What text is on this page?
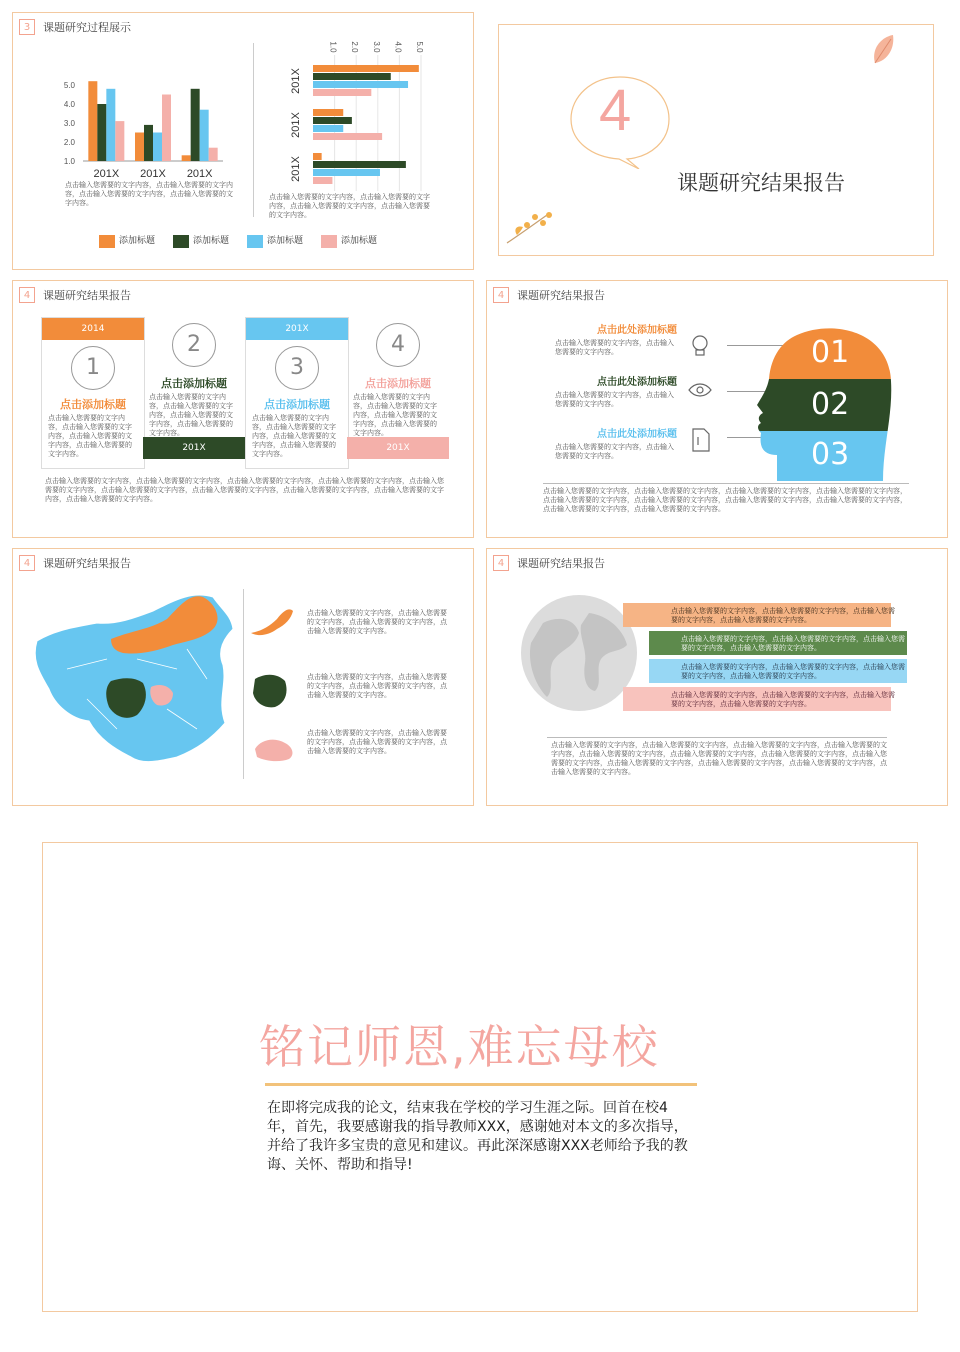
3	课题研究过程展示
1.0
2.0
3.0
4.0
5.0
201X 201X 201X
点击输入您需要的文字内容，点击输入您需要的文字内容，点击输入您需要的文字内容，点击输入您需要的文字内容。
1.0 2.0 3.0 4.0 5.0
201X
201X
201X
点击输入您需要的文字内容，点击输入您需要的文字内容，点击输入您需要的文字内容，点击输入您需要的文字内容。
添加标题	添加标题	添加标题	添加标题
4
课题研究结果报告
4	课题研究结果报告
2014
1
点击添加标题
点击输入您需要的文字内容，点击输入您需要的文字内容，点击输入您需要的文字内容，点击输入您需要的文字内容。
2
点击添加标题
点击输入您需要的文字内容，点击输入您需要的文字内容，点击输入您需要的文字内容，点击输入您需要的文字内容。
201X
201X
3
点击添加标题
点击输入您需要的文字内容，点击输入您需要的文字内容，点击输入您需要的文字内容，点击输入您需要的文字内容。
4
点击添加标题
点击输入您需要的文字内容，点击输入您需要的文字内容，点击输入您需要的文字内容，点击输入您需要的文字内容。
201X
点击输入您需要的文字内容，点击输入您需要的文字内容，点击输入您需要的文字内容，点击输入您需要的文字内容，点击输入您需要的文字内容，点击输入您需要的文字内容，点击输入您需要的文字内容，点击输入您需要的文字内容，点击输入您需要的文字内容，点击输入您需要的文字内容。
4	课题研究结果报告
点击此处添加标题
点击输入您需要的文字内容，点击输入您需要的文字内容。
点击此处添加标题
点击输入您需要的文字内容，点击输入您需要的文字内容。
点击此处添加标题
点击输入您需要的文字内容，点击输入您需要的文字内容。
01
02
03
点击输入您需要的文字内容，点击输入您需要的文字内容，点击输入您需要的文字内容，点击输入您需要的文字内容，点击输入您需要的文字内容，点击输入您需要的文字内容，点击输入您需要的文字内容，点击输入您需要的文字内容，点击输入您需要的文字内容，点击输入您需要的文字内容。
4	课题研究结果报告
点击输入您需要的文字内容，点击输入您需要的文字内容，点击输入您需要的文字内容，点击输入您需要的文字内容。
点击输入您需要的文字内容，点击输入您需要的文字内容，点击输入您需要的文字内容，点击输入您需要的文字内容。
点击输入您需要的文字内容，点击输入您需要的文字内容，点击输入您需要的文字内容，点击输入您需要的文字内容。
4	课题研究结果报告
点击输入您需要的文字内容，点击输入您需要的文字内容，点击输入您需要的文字内容，点击输入您需要的文字内容。
点击输入您需要的文字内容，点击输入您需要的文字内容，点击输入您需要的文字内容，点击输入您需要的文字内容。
点击输入您需要的文字内容，点击输入您需要的文字内容，点击输入您需要的文字内容，点击输入您需要的文字内容。
点击输入您需要的文字内容，点击输入您需要的文字内容，点击输入您需要的文字内容，点击输入您需要的文字内容。
点击输入您需要的文字内容，点击输入您需要的文字内容，点击输入您需要的文字内容，点击输入您需要的文字内容，点击输入您需要的文字内容，点击输入您需要的文字内容，点击输入您需要的文字内容，点击输入您需要的文字内容，点击输入您需要的文字内容，点击输入您需要的文字内容，点击输入您需要的文字内容，点击输入您需要的文字内容。
铭记师恩,难忘母校
在即将完成我的论文，结束我在学校的学习生涯之际。回首在校4年，首先，我要感谢我的指导教师XXX，感谢她对本文的多次指导，并给了我许多宝贵的意见和建议。再此深深感谢XXX老师给予我的教诲、关怀、帮助和指导!
